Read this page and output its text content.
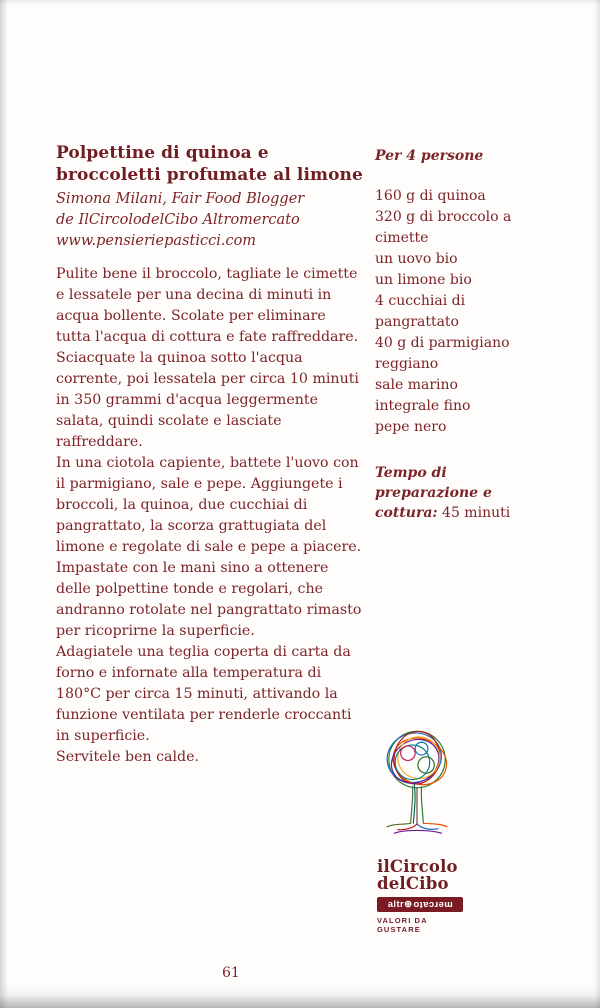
Polpettine di quinoa e broccoletti profumate al limone
Simona Milani, Fair Food Blogger
de IlCircolodelCibo Altromercato
www.pensieriepasticci.com

Pulite bene il broccolo, tagliate le cimette e lessatele per una decina di minuti in acqua bollente. Scolate per eliminare tutta l'acqua di cottura e fate raffreddare.

Sciacquate la quinoa sotto l'acqua corrente, poi lessatela per circa 10 minuti in 350 grammi d'acqua leggermente salata, quindi scolate e lasciate raffreddare.

In una ciotola capiente, battete l'uovo con il parmigiano, sale e pepe. Aggiungete i broccoli, la quinoa, due cucchiai di pangrattato, la scorza grattugiata del limone e regolate di sale e pepe a piacere.

Impastate con le mani sino a ottenere delle polpettine tonde e regolari, che andranno rotolate nel pangrattato rimasto per ricoprirne la superficie.

Adagiatele una teglia coperta di carta da forno e infornate alla temperatura di 180°C per circa 15 minuti, attivando la funzione ventilata per renderle croccanti in superficie.

Servitele ben calde.

Per 4 persone
160 g di quinoa
320 g di broccolo a cimette
un uovo bio
un limone bio
4 cucchiai di pangrattato
40 g di parmigiano reggiano
sale marino integrale fino
pepe nero
Tempo di preparazione e cottura: 45 minuti
ilCircolo
delCibo
altr⊕mercato
VALORI DA GUSTARE
61
